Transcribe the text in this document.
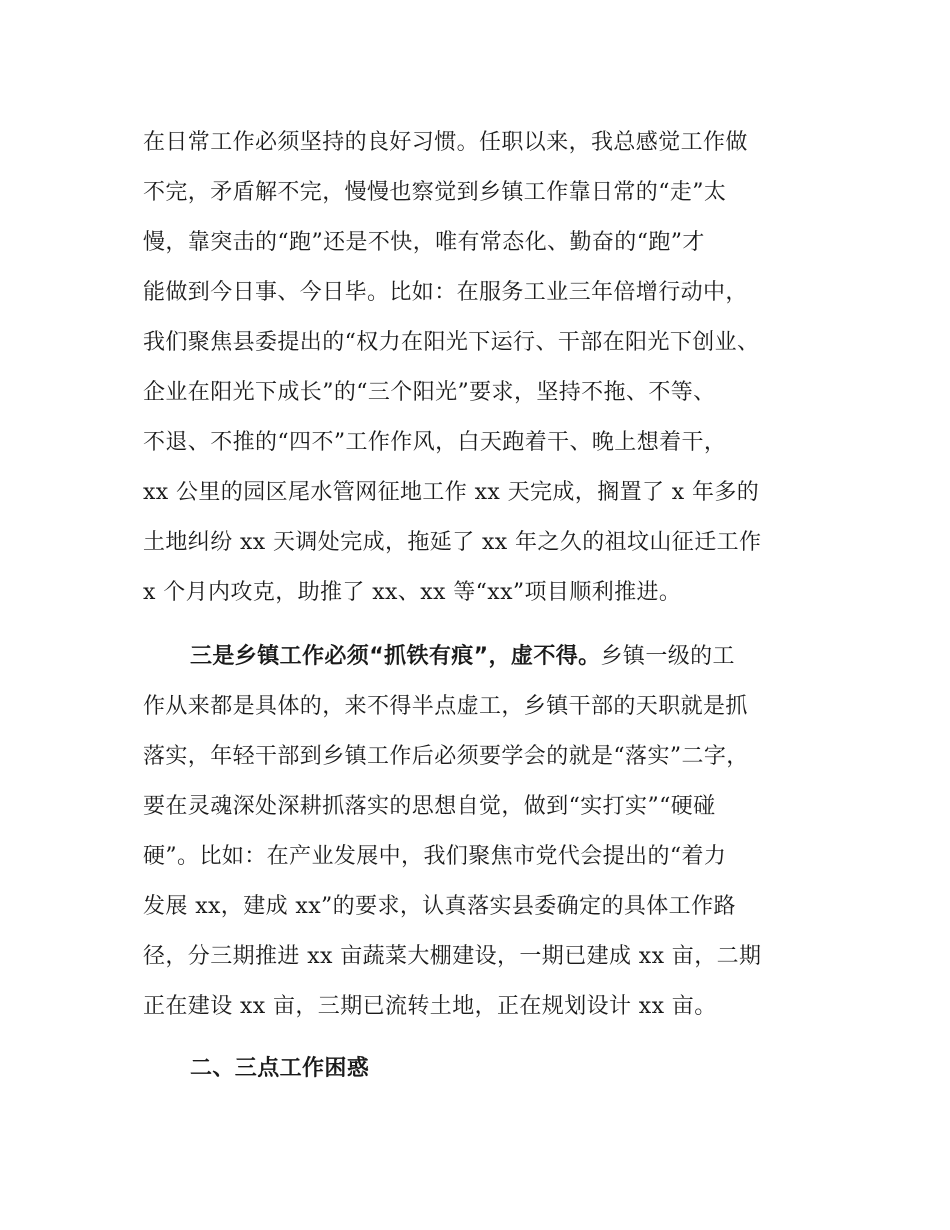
在日常工作必须坚持的良好习惯。任职以来，我总感觉工作做
不完，矛盾解不完，慢慢也察觉到乡镇工作靠日常的“走”太
慢，靠突击的“跑”还是不快，唯有常态化、勤奋的“跑”才
能做到今日事、今日毕。比如：在服务工业三年倍增行动中，
我们聚焦县委提出的“权力在阳光下运行、干部在阳光下创业、
企业在阳光下成长”的“三个阳光”要求，坚持不拖、不等、
不退、不推的“四不”工作作风，白天跑着干、晚上想着干，
xx 公里的园区尾水管网征地工作 xx 天完成，搁置了 x 年多的
土地纠纷 xx 天调处完成，拖延了 xx 年之久的祖坟山征迁工作
x 个月内攻克，助推了 xx、xx 等“xx”项目顺利推进。
三是乡镇工作必须“抓铁有痕”，虚不得。乡镇一级的工
作从来都是具体的，来不得半点虚工，乡镇干部的天职就是抓
落实，年轻干部到乡镇工作后必须要学会的就是“落实”二字，
要在灵魂深处深耕抓落实的思想自觉，做到“实打实”“硬碰
硬”。比如：在产业发展中，我们聚焦市党代会提出的“着力
发展 xx，建成 xx”的要求，认真落实县委确定的具体工作路
径，分三期推进 xx 亩蔬菜大棚建设，一期已建成 xx 亩，二期
正在建设 xx 亩，三期已流转土地，正在规划设计 xx 亩。
二、三点工作困惑
